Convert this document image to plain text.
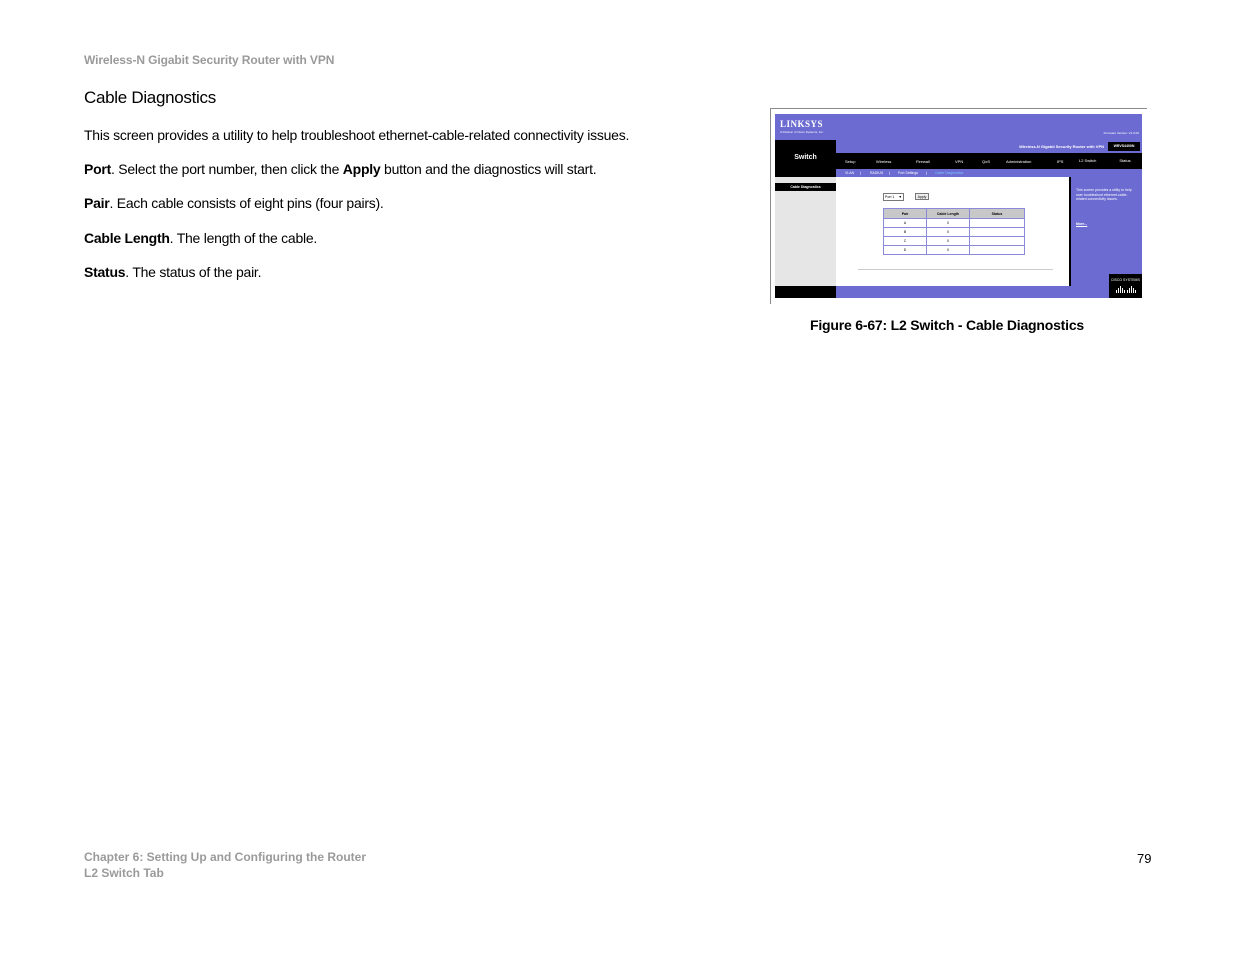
Wireless-N Gigabit Security Router with VPN
Cable Diagnostics
This screen provides a utility to help troubleshoot ethernet-cable-related connectivity issues.
Port. Select the port number, then click the Apply button and the diagnostics will start.
Pair. Each cable consists of eight pins (four pairs).
Cable Length. The length of the cable.
Status. The status of the pair.
LINKSYS
A Division of Cisco Systems, Inc.	Firmware Version: V1.0.00
Switch
Wireless-N Gigabit Security Router with VPN	WRVS4400N
Setup	Wireless	Firewall	VPN	QoS	Administration	IPS	L2 Switch	Status
VLAN |	RADIUS | Port Settings | Cable Diagnostics
Cable Diagnostics
Port 1 ▼	Apply
Pair	Cable Length	Status
A	0	
B	0	
C	0	
D	0	
This screen provides a utility to help user troubleshoot ethernet-cable-related connectivity issues.
More...
CISCO SYSTEMS
Figure 6-67: L2 Switch - Cable Diagnostics
Chapter 6: Setting Up and Configuring the Router
L2 Switch Tab
79
